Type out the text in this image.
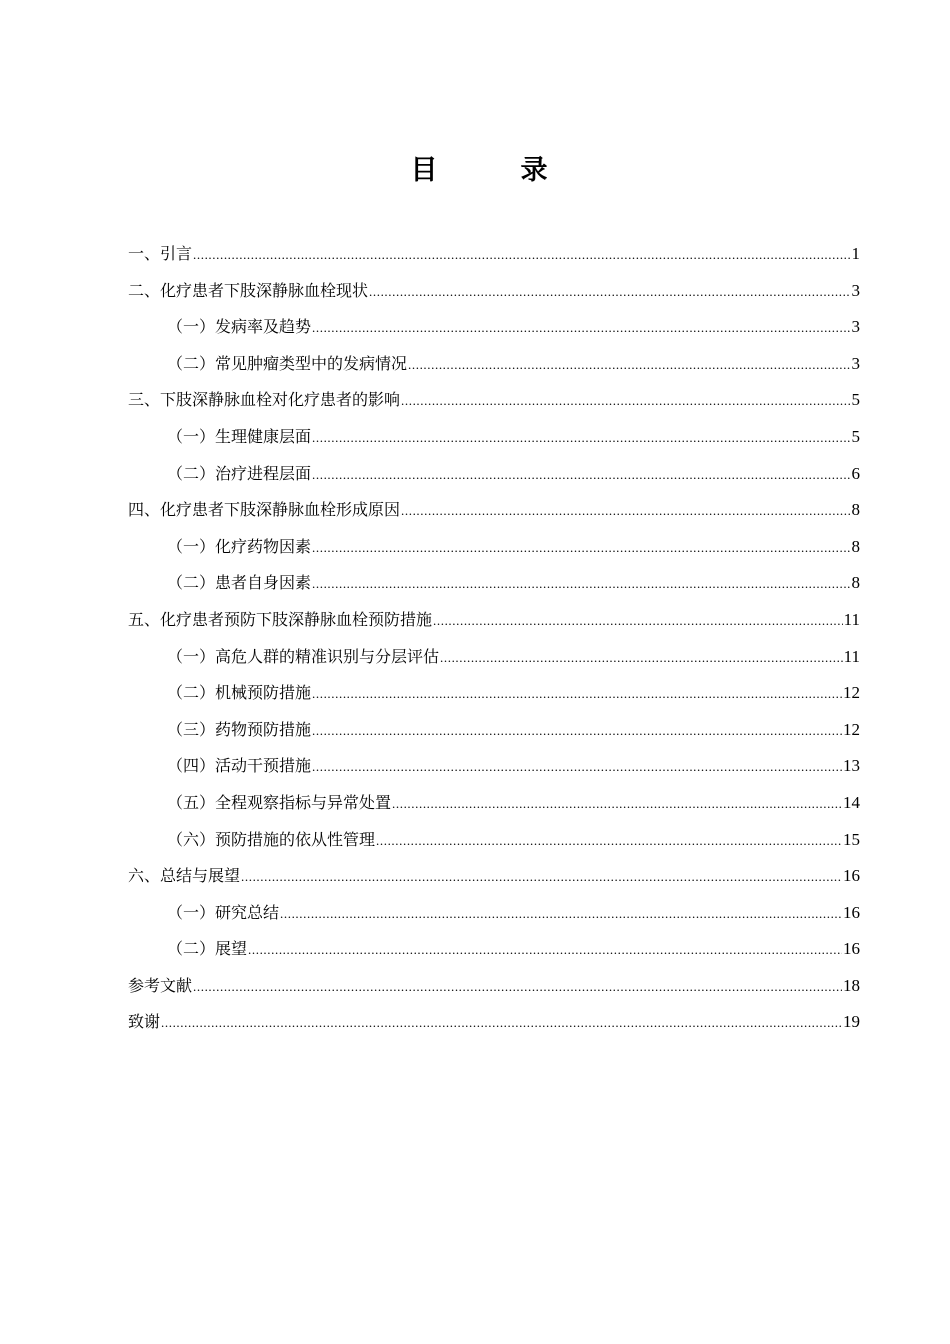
目　录
一、引言 .....	1
二、化疗患者下肢深静脉血栓现状 .....	3
（一）发病率及趋势 .....	3
（二）常见肿瘤类型中的发病情况 .....	3
三、下肢深静脉血栓对化疗患者的影响 .....	5
（一）生理健康层面 .....	5
（二）治疗进程层面 .....	6
四、化疗患者下肢深静脉血栓形成原因 .....	8
（一）化疗药物因素 .....	8
（二）患者自身因素 .....	8
五、化疗患者预防下肢深静脉血栓预防措施 .....	11
（一）高危人群的精准识别与分层评估 .....	11
（二）机械预防措施 .....	12
（三）药物预防措施 .....	12
（四）活动干预措施 .....	13
（五）全程观察指标与异常处置 .....	14
（六）预防措施的依从性管理 .....	15
六、总结与展望 .....	16
（一）研究总结 .....	16
（二）展望 .....	16
参考文献 .....	18
致谢 .....	19
